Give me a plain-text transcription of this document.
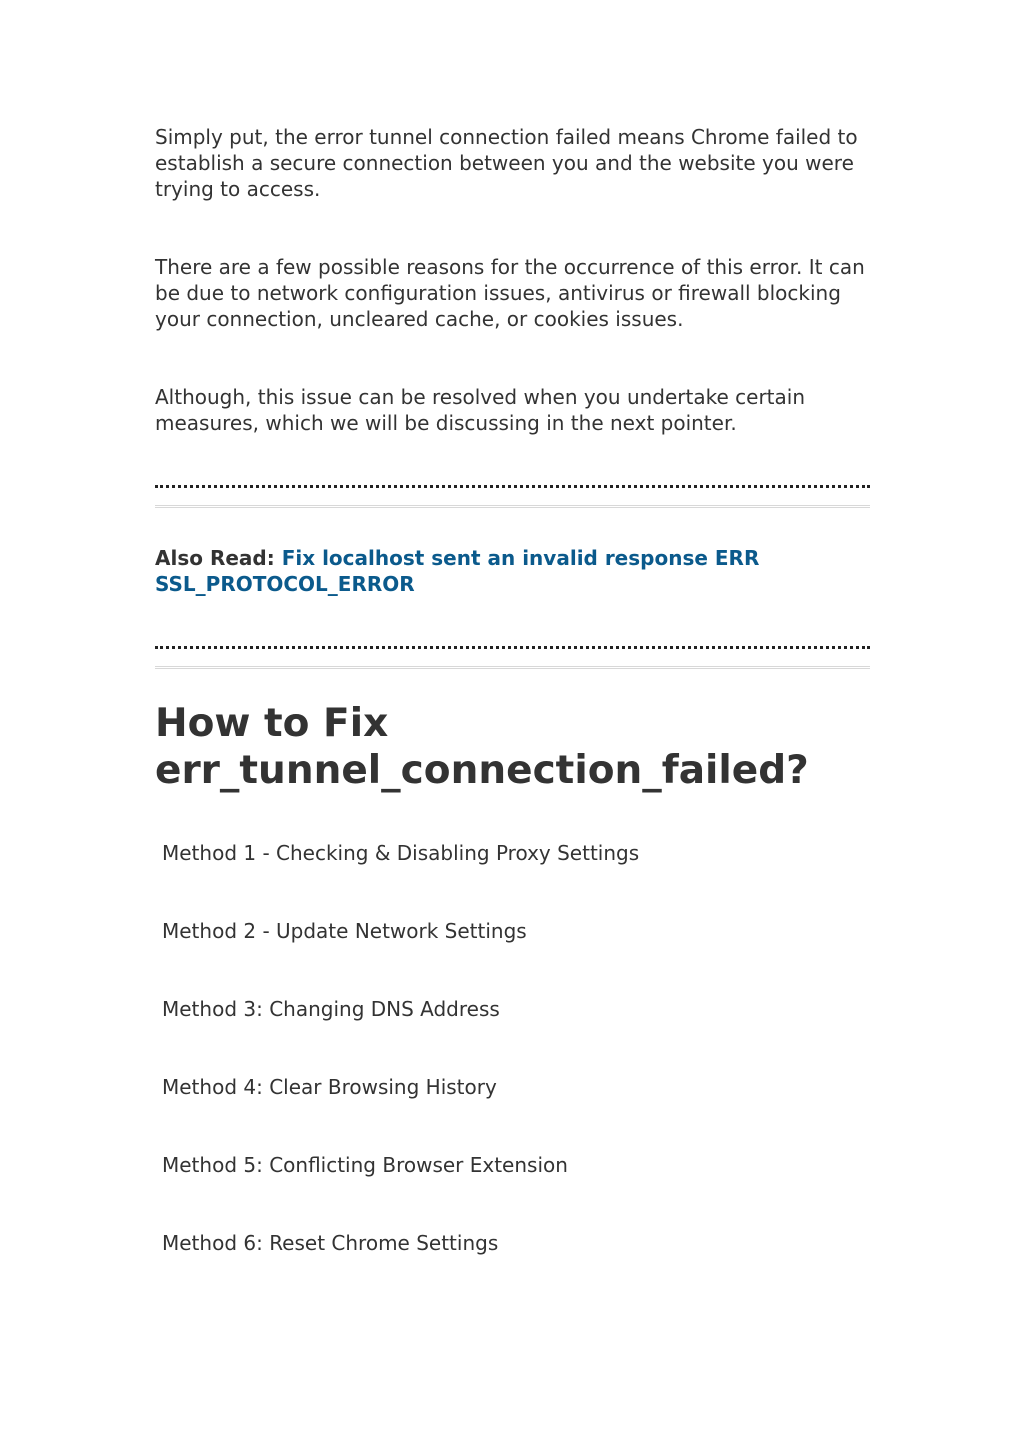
Simply put, the error tunnel connection failed means Chrome failed to establish a secure connection between you and the website you were trying to access.

There are a few possible reasons for the occurrence of this error. It can be due to network configuration issues, antivirus or firewall blocking your connection, uncleared cache, or cookies issues.

Although, this issue can be resolved when you undertake certain measures, which we will be discussing in the next pointer.

Also Read: Fix localhost sent an invalid response ERR SSL_PROTOCOL_ERROR

How to Fix err_tunnel_connection_failed?
Method 1 - Checking & Disabling Proxy Settings
Method 2 - Update Network Settings
Method 3: Changing DNS Address
Method 4: Clear Browsing History
Method 5: Conflicting Browser Extension
Method 6: Reset Chrome Settings
